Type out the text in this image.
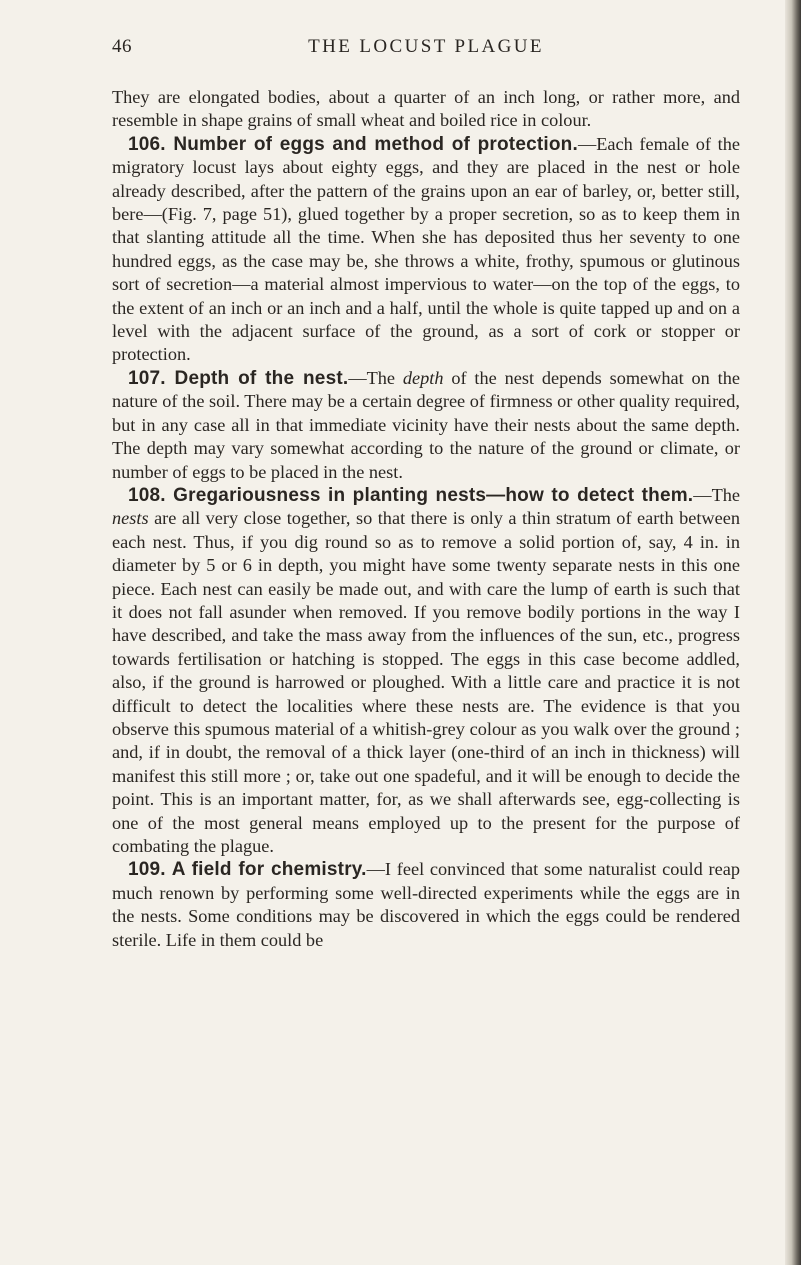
46	THE LOCUST PLAGUE

They are elongated bodies, about a quarter of an inch long, or rather more, and resemble in shape grains of small wheat and boiled rice in colour.

106. Number of eggs and method of protection.—Each female of the migratory locust lays about eighty eggs, and they are placed in the nest or hole already described, after the pattern of the grains upon an ear of barley, or, better still, bere—(Fig. 7, page 51), glued together by a proper secretion, so as to keep them in that slanting attitude all the time. When she has deposited thus her seventy to one hundred eggs, as the case may be, she throws a white, frothy, spumous or glutinous sort of secretion—a material almost impervious to water—on the top of the eggs, to the extent of an inch or an inch and a half, until the whole is quite tapped up and on a level with the adjacent surface of the ground, as a sort of cork or stopper or protection.

107. Depth of the nest.—The depth of the nest depends somewhat on the nature of the soil. There may be a certain degree of firmness or other quality required, but in any case all in that immediate vicinity have their nests about the same depth. The depth may vary somewhat according to the nature of the ground or climate, or number of eggs to be placed in the nest.

108. Gregariousness in planting nests—how to detect them.—The nests are all very close together, so that there is only a thin stratum of earth between each nest. Thus, if you dig round so as to remove a solid portion of, say, 4 in. in diameter by 5 or 6 in depth, you might have some twenty separate nests in this one piece. Each nest can easily be made out, and with care the lump of earth is such that it does not fall asunder when removed. If you remove bodily portions in the way I have described, and take the mass away from the influences of the sun, etc., progress towards fertilisation or hatching is stopped. The eggs in this case become addled, also, if the ground is harrowed or ploughed. With a little care and practice it is not difficult to detect the localities where these nests are. The evidence is that you observe this spumous material of a whitish-grey colour as you walk over the ground ; and, if in doubt, the removal of a thick layer (one-third of an inch in thickness) will manifest this still more ; or, take out one spadeful, and it will be enough to decide the point. This is an important matter, for, as we shall afterwards see, egg-collecting is one of the most general means employed up to the present for the purpose of combating the plague.

109. A field for chemistry.—I feel convinced that some naturalist could reap much renown by performing some well-directed experiments while the eggs are in the nests. Some conditions may be discovered in which the eggs could be rendered sterile. Life in them could be
